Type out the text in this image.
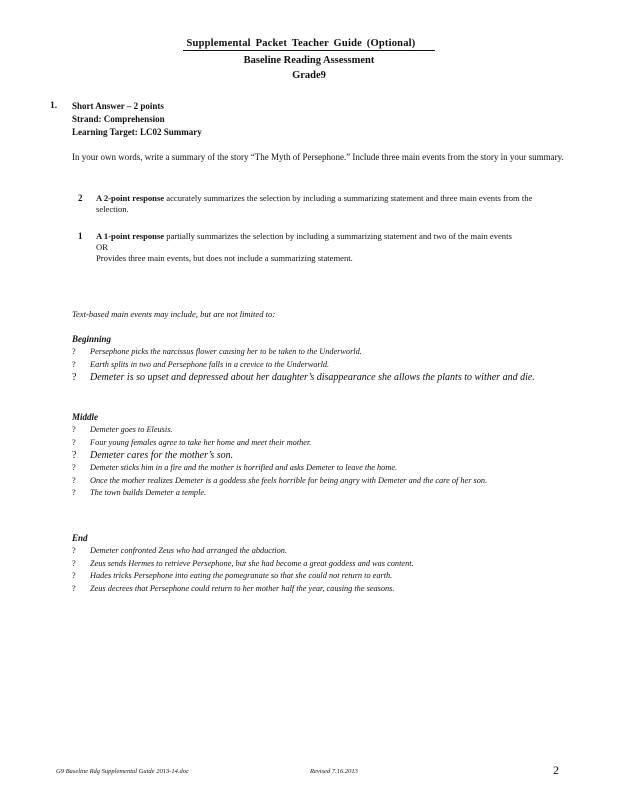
Supplemental Packet Teacher Guide (Optional)
Baseline Reading Assessment
Grade9
1. Short Answer – 2 points
Strand: Comprehension
Learning Target: LC02 Summary
In your own words, write a summary of the story “The Myth of Persephone.” Include three main events from the story in your summary.
2 A 2-point response accurately summarizes the selection by including a summarizing statement and three main events from the selection.
1 A 1-point response partially summarizes the selection by including a summarizing statement and two of the main events
OR
Provides three main events, but does not include a summarizing statement.
Text-based main events may include, but are not limited to:
Beginning
? Persephone picks the narcissus flower causing her to be taken to the Underworld.
? Earth splits in two and Persephone falls in a crevice to the Underworld.
? Demeter is so upset and depressed about her daughter’s disappearance she allows the plants to wither and die.
Middle
? Demeter goes to Eleusis.
? Four young females agree to take her home and meet their mother.
? Demeter cares for the mother’s son.
? Demeter sticks him in a fire and the mother is horrified and asks Demeter to leave the home.
? Once the mother realizes Demeter is a goddess she feels horrible for being angry with Demeter and the care of her son.
? The town builds Demeter a temple.
End
? Demeter confronted Zeus who had arranged the abduction.
? Zeus sends Hermes to retrieve Persephone, but she had become a great goddess and was content.
? Hades tricks Persephone into eating the pomegranate so that she could not return to earth.
? Zeus decrees that Persephone could return to her mother half the year, causing the seasons.
G9 Baseline Rdg Supplemental Guide 2013-14.doc	Revised 7.16.2013	2
